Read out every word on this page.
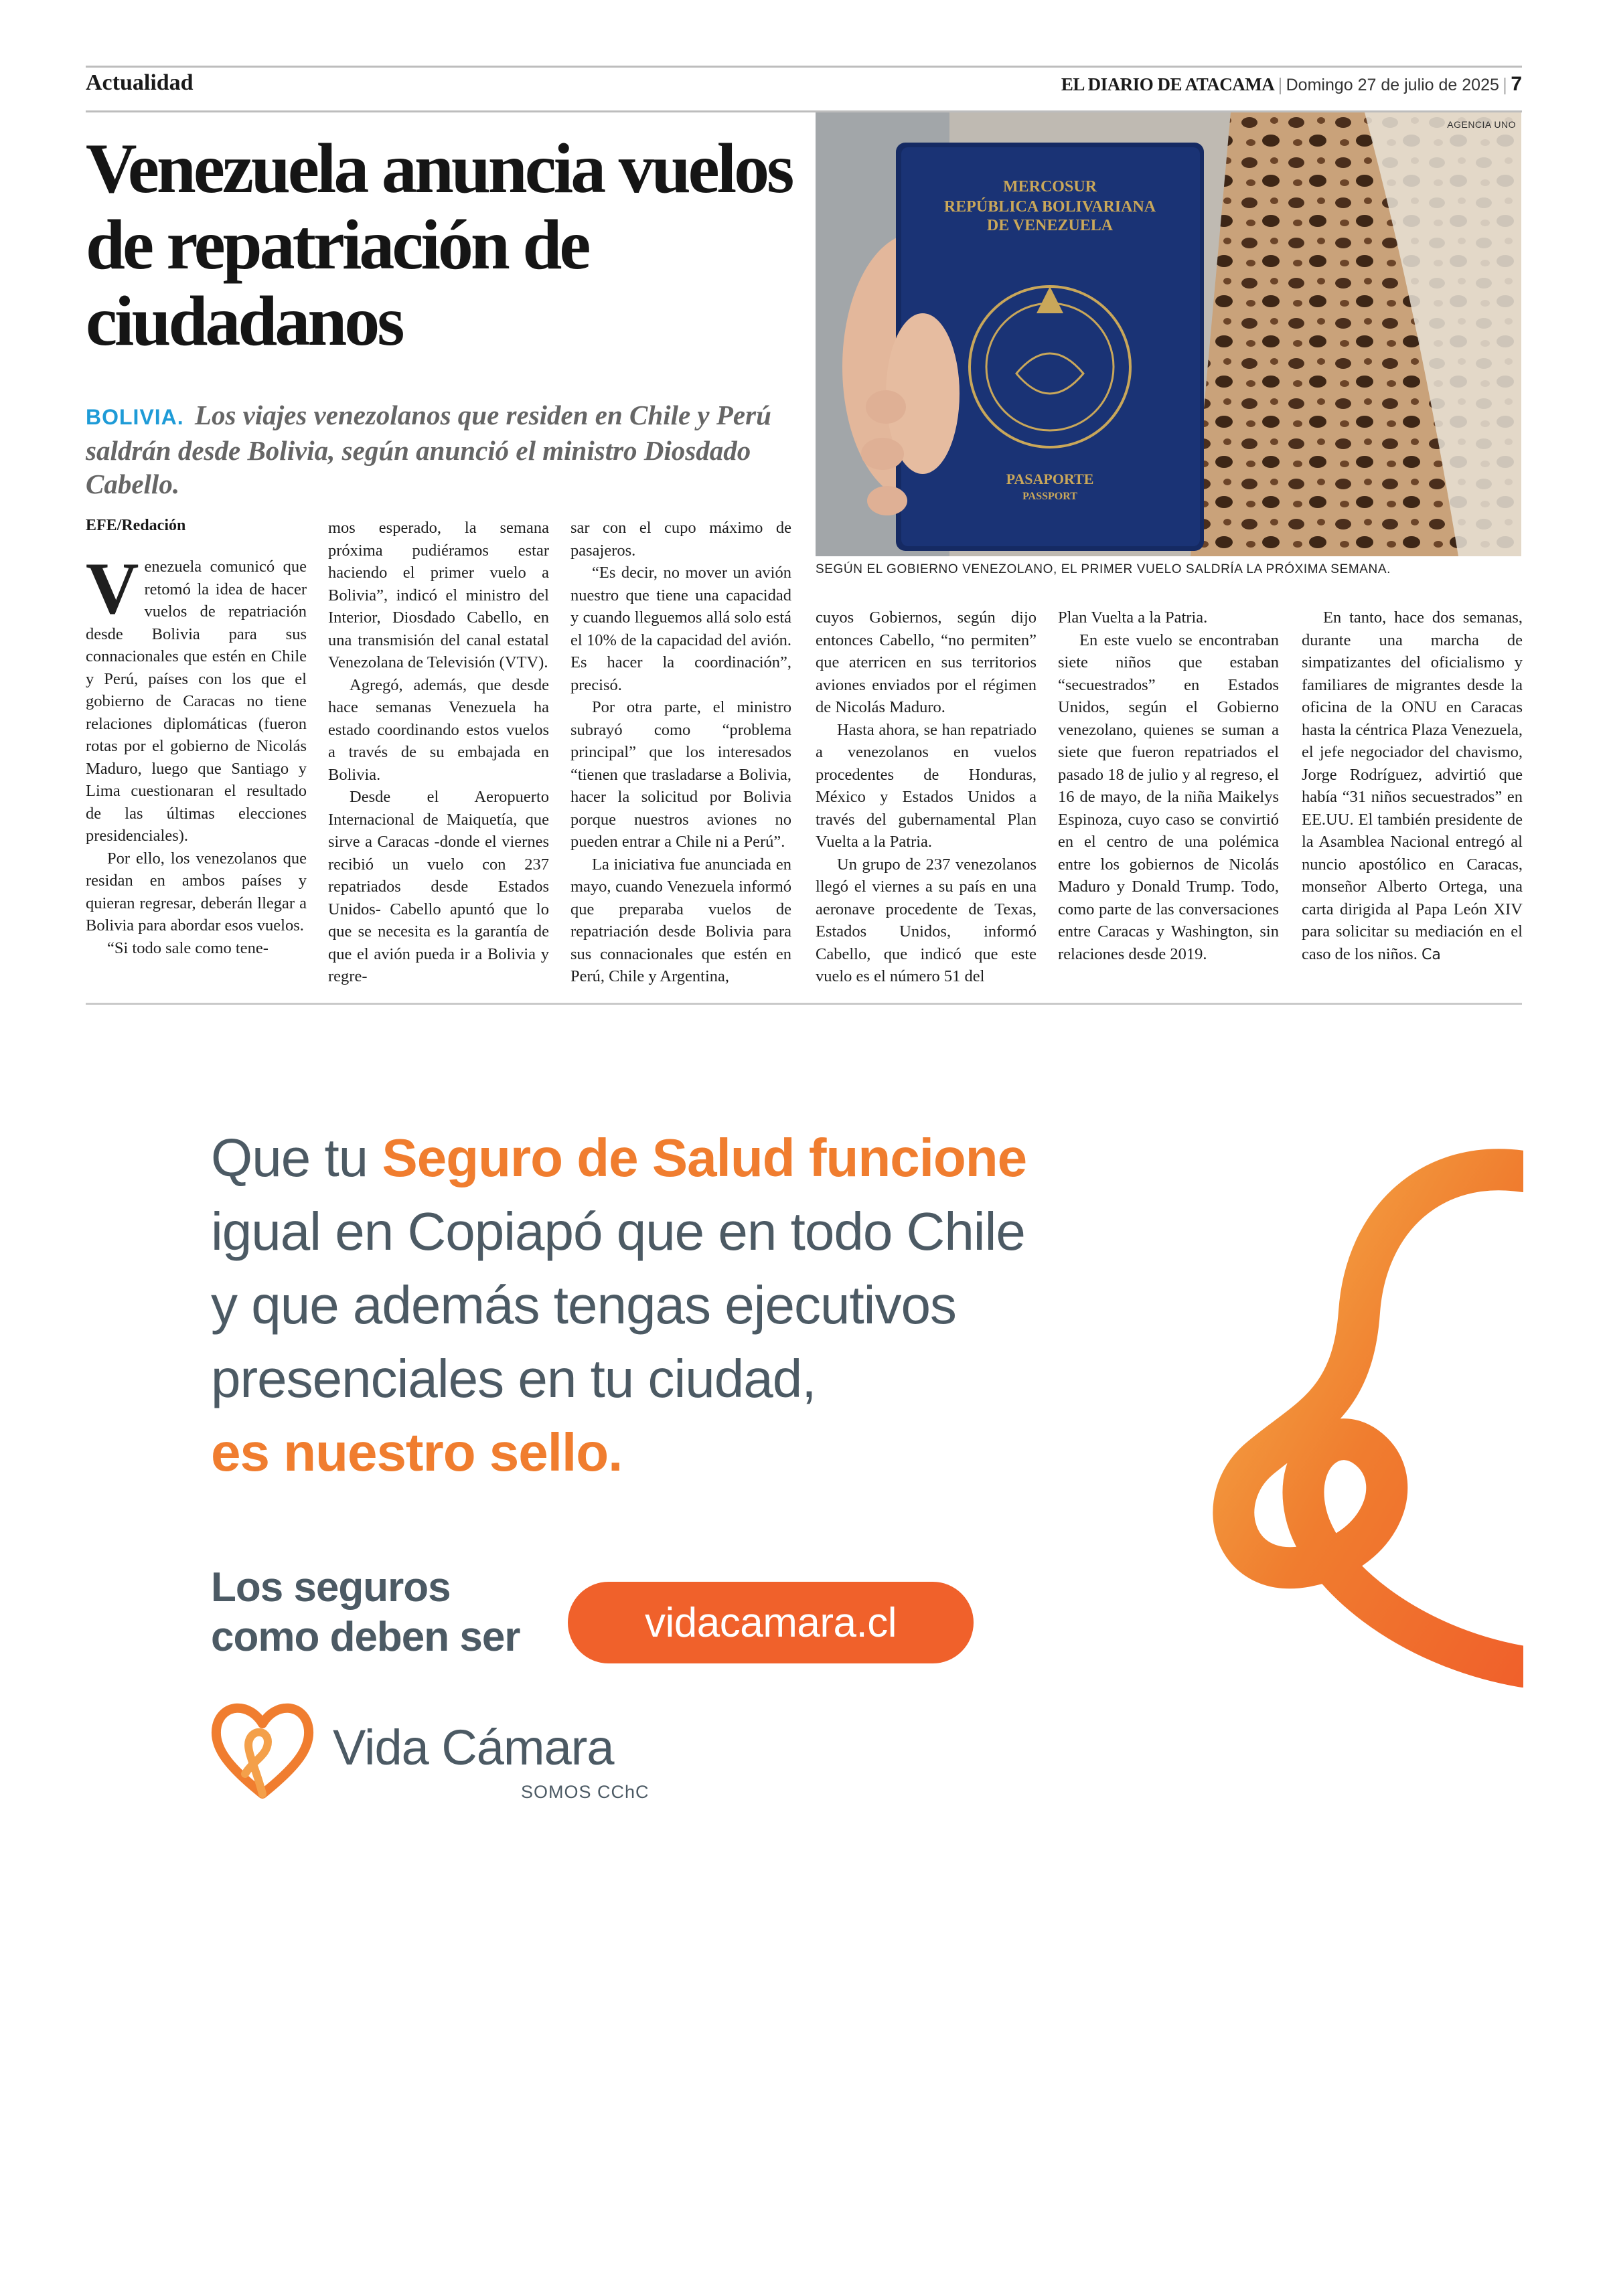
Actualidad	EL DIARIO DE ATACAMA | Domingo 27 de julio de 2025 | 7
Venezuela anuncia vuelos de repatriación de ciudadanos

BOLIVIA. Los viajes venezolanos que residen en Chile y Perú saldrán desde Bolivia, según anunció el ministro Diosdado Cabello.

MERCOSUR
REPÚBLICA BOLIVARIANA
DE VENEZUELA
PASAPORTE
PASSPORT
AGENCIA UNO
SEGÚN EL GOBIERNO VENEZOLANO, EL PRIMER VUELO SALDRÍA LA PRÓXIMA SEMANA.
EFE/Redación

Venezuela comunicó que retomó la idea de hacer vuelos de repatriación desde Bolivia para sus connacionales que estén en Chile y Perú, países con los que el gobierno de Caracas no tiene relaciones diplomáticas (fueron rotas por el gobierno de Nicolás Maduro, luego que Santiago y Lima cuestionaran el resultado de las últimas elecciones presidenciales).

Por ello, los venezolanos que residan en ambos países y quieran regresar, deberán llegar a Bolivia para abordar esos vuelos.

“Si todo sale como tene-

mos esperado, la semana próxima pudiéramos estar haciendo el primer vuelo a Bolivia”, indicó el ministro del Interior, Diosdado Cabello, en una transmisión del canal estatal Venezolana de Televisión (VTV).

Agregó, además, que desde hace semanas Venezuela ha estado coordinando estos vuelos a través de su embajada en Bolivia.

Desde el Aeropuerto Internacional de Maiquetía, que sirve a Caracas -donde el viernes recibió un vuelo con 237 repatriados desde Estados Unidos- Cabello apuntó que lo que se necesita es la garantía de que el avión pueda ir a Bolivia y regre-

sar con el cupo máximo de pasajeros.

“Es decir, no mover un avión nuestro que tiene una capacidad y cuando lleguemos allá solo está el 10% de la capacidad del avión. Es hacer la coordinación”, precisó.

Por otra parte, el ministro subrayó como “problema principal” que los interesados “tienen que trasladarse a Bolivia, hacer la solicitud por Bolivia porque nuestros aviones no pueden entrar a Chile ni a Perú”.

La iniciativa fue anunciada en mayo, cuando Venezuela informó que preparaba vuelos de repatriación desde Bolivia para sus connacionales que estén en Perú, Chile y Argentina,

cuyos Gobiernos, según dijo entonces Cabello, “no permiten” que aterricen en sus territorios aviones enviados por el régimen de Nicolás Maduro.

Hasta ahora, se han repatriado a venezolanos en vuelos procedentes de Honduras, México y Estados Unidos a través del gubernamental Plan Vuelta a la Patria.

Un grupo de 237 venezolanos llegó el viernes a su país en una aeronave procedente de Texas, Estados Unidos, informó Cabello, que indicó que este vuelo es el número 51 del

Plan Vuelta a la Patria.

En este vuelo se encontraban siete niños que estaban “secuestrados” en Estados Unidos, según el Gobierno venezolano, quienes se suman a siete que fueron repatriados el pasado 18 de julio y al regreso, el 16 de mayo, de la niña Maikelys Espinoza, cuyo caso se convirtió en el centro de una polémica entre los gobiernos de Nicolás Maduro y Donald Trump. Todo, como parte de las conversaciones entre Caracas y Washington, sin relaciones desde 2019.

En tanto, hace dos semanas, durante una marcha de simpatizantes del oficialismo y familiares de migrantes desde la oficina de la ONU en Caracas hasta la céntrica Plaza Venezuela, el jefe negociador del chavismo, Jorge Rodríguez, advirtió que había “31 niños secuestrados” en EE.UU. El también presidente de la Asamblea Nacional entregó al nuncio apostólico en Caracas, monseñor Alberto Ortega, una carta dirigida al Papa León XIV para solicitar su mediación en el caso de los niños. Ca

Que tu Seguro de Salud funcione
igual en Copiapó que en todo Chile
y que además tengas ejecutivos
presenciales en tu ciudad,
es nuestro sello.
Los seguros
como deben ser	vidacamara.cl
Vida Cámara
SOMOS CChC
